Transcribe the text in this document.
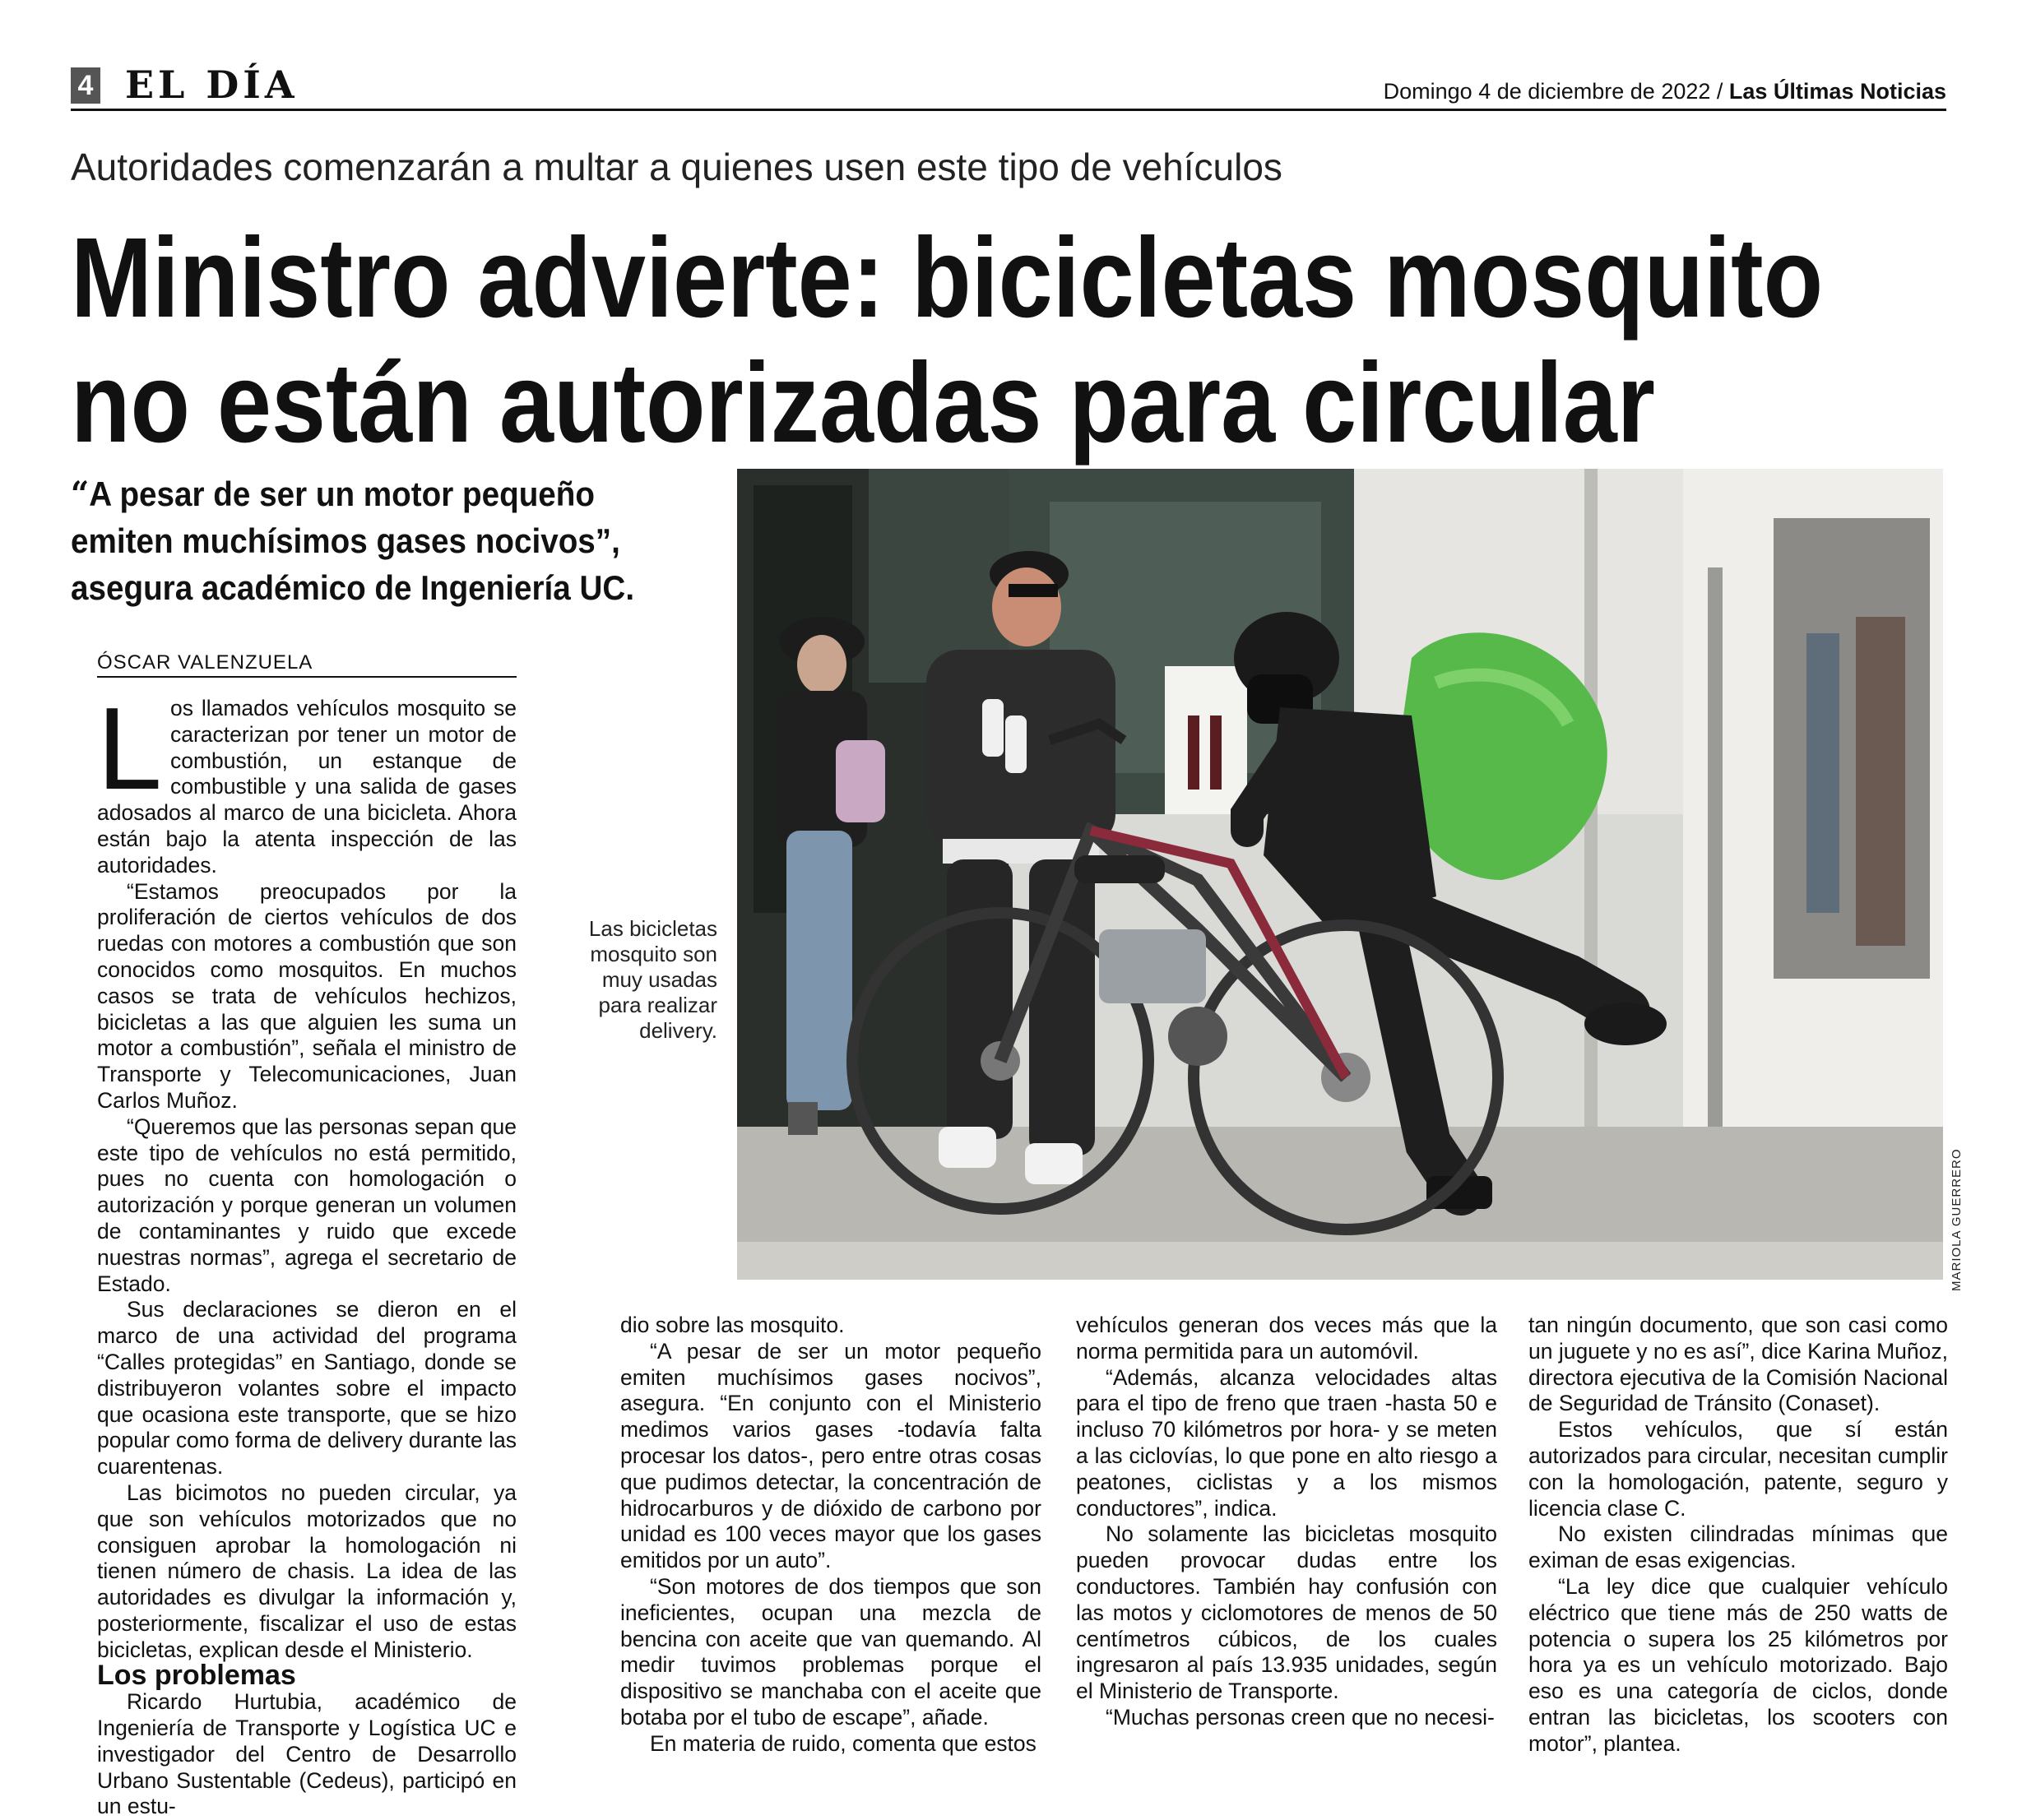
4 EL DÍA	Domingo 4 de diciembre de 2022 / Las Últimas Noticias
Autoridades comenzarán a multar a quienes usen este tipo de vehículos
Ministro advierte: bicicletas mosquito
no están autorizadas para circular
“A pesar de ser un motor pequeño
emiten muchísimos gases nocivos”,
asegura académico de Ingeniería UC.
ÓSCAR VALENZUELA

Los llamados vehículos mosquito se caracterizan por tener un motor de combustión, un estanque de combustible y una salida de gases adosados al marco de una bicicleta. Ahora están bajo la atenta inspección de las autoridades.

“Estamos preocupados por la proliferación de ciertos vehículos de dos ruedas con motores a combustión que son conocidos como mosquitos. En muchos casos se trata de vehículos hechizos, bicicletas a las que alguien les suma un motor a combustión”, señala el ministro de Transporte y Telecomunicaciones, Juan Carlos Muñoz.

“Queremos que las personas sepan que este tipo de vehículos no está permitido, pues no cuenta con homologación o autorización y porque generan un volumen de contaminantes y ruido que excede nuestras normas”, agrega el secretario de Estado.

Sus declaraciones se dieron en el marco de una actividad del programa “Calles protegidas” en Santiago, donde se distribuyeron volantes sobre el impacto que ocasiona este transporte, que se hizo popular como forma de delivery durante las cuarentenas.

Las bicimotos no pueden circular, ya que son vehículos motorizados que no consiguen aprobar la homologación ni tienen número de chasis. La idea de las autoridades es divulgar la información y, posteriormente, fiscalizar el uso de estas bicicletas, explican desde el Ministerio.

Los problemas

Ricardo Hurtubia, académico de Ingeniería de Transporte y Logística UC e investigador del Centro de Desarrollo Urbano Sustentable (Cedeus), participó en un estu-

dio sobre las mosquito.

“A pesar de ser un motor pequeño emiten muchísimos gases nocivos”, asegura. “En conjunto con el Ministerio medimos varios gases -todavía falta procesar los datos-, pero entre otras cosas que pudimos detectar, la concentración de hidrocarburos y de dióxido de carbono por unidad es 100 veces mayor que los gases emitidos por un auto”.

“Son motores de dos tiempos que son ineficientes, ocupan una mezcla de bencina con aceite que van quemando. Al medir tuvimos problemas porque el dispositivo se manchaba con el aceite que botaba por el tubo de escape”, añade.

En materia de ruido, comenta que estos

vehículos generan dos veces más que la norma permitida para un automóvil.

“Además, alcanza velocidades altas para el tipo de freno que traen -hasta 50 e incluso 70 kilómetros por hora- y se meten a las ciclovías, lo que pone en alto riesgo a peatones, ciclistas y a los mismos conductores”, indica.

No solamente las bicicletas mosquito pueden provocar dudas entre los conductores. También hay confusión con las motos y ciclomotores de menos de 50 centímetros cúbicos, de los cuales ingresaron al país 13.935 unidades, según el Ministerio de Transporte.

“Muchas personas creen que no necesi-

tan ningún documento, que son casi como un juguete y no es así”, dice Karina Muñoz, directora ejecutiva de la Comisión Nacional de Seguridad de Tránsito (Conaset).

Estos vehículos, que sí están autorizados para circular, necesitan cumplir con la homologación, patente, seguro y licencia clase C.

No existen cilindradas mínimas que eximan de esas exigencias.

“La ley dice que cualquier vehículo eléctrico que tiene más de 250 watts de potencia o supera los 25 kilómetros por hora ya es un vehículo motorizado. Bajo eso es una categoría de ciclos, donde entran las bicicletas, los scooters con motor”, plantea.

Las bicicletas mosquito son muy usadas para realizar delivery.
MARIOLA GUERRERO
